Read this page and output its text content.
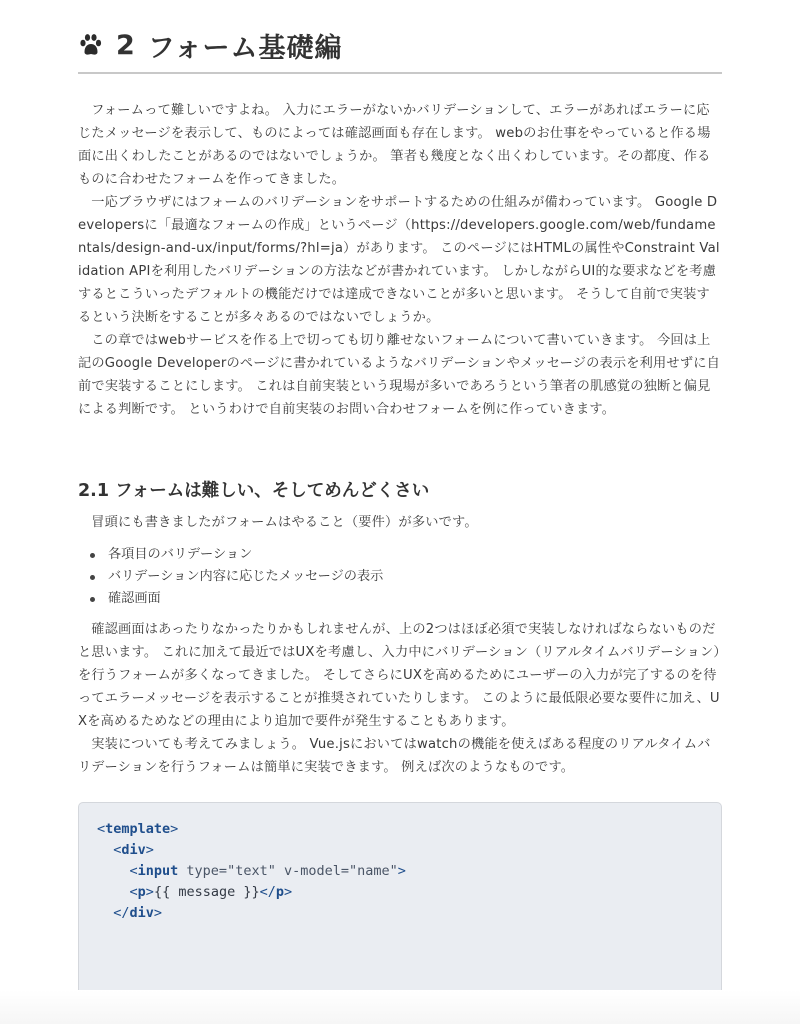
2 フォーム基礎編

フォームって難しいですよね。 入力にエラーがないかバリデーションして、エラーがあればエラーに応じたメッセージを表示して、ものによっては確認画面も存在します。 webのお仕事をやっていると作る場面に出くわしたことがあるのではないでしょうか。 筆者も幾度となく出くわしています。その都度、作るものに合わせたフォームを作ってきました。

一応ブラウザにはフォームのバリデーションをサポートするための仕組みが備わっています。 Google Developersに「最適なフォームの作成」というページ（https://developers.google.com/web/fundamentals/design-and-ux/input/forms/?hl=ja）があります。 このページにはHTMLの属性やConstraint Validation APIを利用したバリデーションの方法などが書かれています。 しかしながらUI的な要求などを考慮するとこういったデフォルトの機能だけでは達成できないことが多いと思います。 そうして自前で実装するという決断をすることが多々あるのではないでしょうか。

この章ではwebサービスを作る上で切っても切り離せないフォームについて書いていきます。 今回は上記のGoogle Developerのページに書かれているようなバリデーションやメッセージの表示を利用せずに自前で実装することにします。 これは自前実装という現場が多いであろうという筆者の肌感覚の独断と偏見による判断です。 というわけで自前実装のお問い合わせフォームを例に作っていきます。

2.1 フォームは難しい、そしてめんどくさい

冒頭にも書きましたがフォームはやること（要件）が多いです。

各項目のバリデーション
バリデーション内容に応じたメッセージの表示
確認画面

確認画面はあったりなかったりかもしれませんが、上の2つはほぼ必須で実装しなければならないものだと思います。 これに加えて最近ではUXを考慮し、入力中にバリデーション（リアルタイムバリデーション）を行うフォームが多くなってきました。 そしてさらにUXを高めるためにユーザーの入力が完了するのを待ってエラーメッセージを表示することが推奨されていたりします。 このように最低限必要な要件に加え、UXを高めるためなどの理由により追加で要件が発生することもあります。

実装についても考えてみましょう。 Vue.jsにおいてはwatchの機能を使えばある程度のリアルタイムバリデーションを行うフォームは簡単に実装できます。 例えば次のようなものです。

<template>
<div>
<input type="text" v-model="name">
<p>{{ message }}</p>
</div>
